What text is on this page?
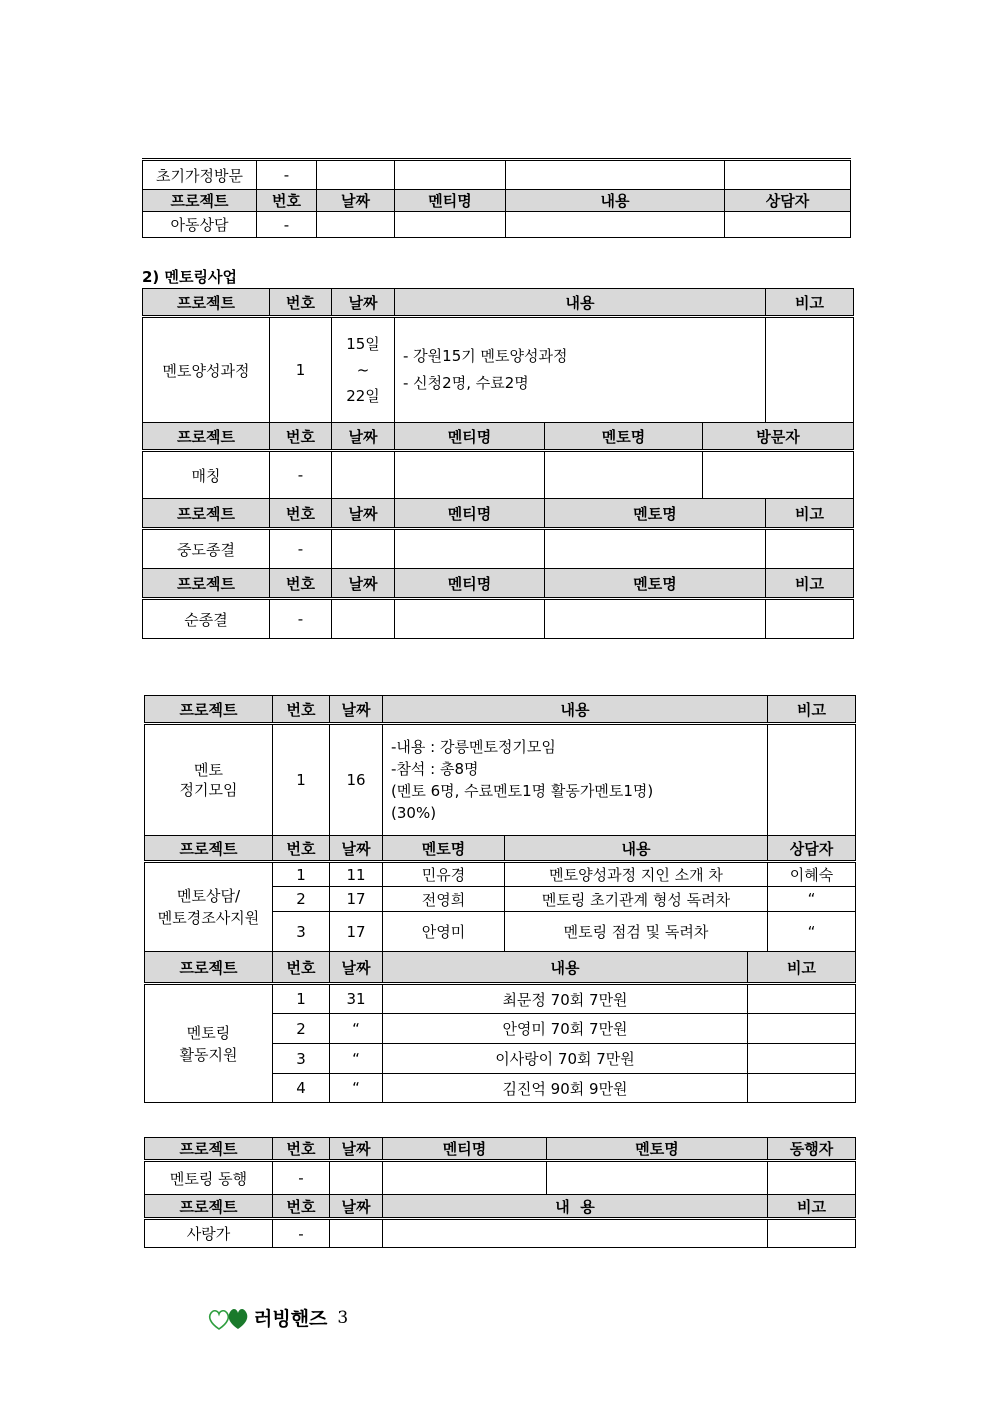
초기가정방문	-				
프로젝트	번호	날짜	멘티명	내용	상담자
아동상담	-				
2) 멘토링사업
프로젝트	번호	날짜	내용			비고
멘토양성과정	1	15일
~
22일	- 강원15기 멘토양성과정
- 신청2명, 수료2명			

프로젝트	번호	날짜	멘티명	멘토명	방문자	
매칭	-					
프로젝트	번호	날짜	멘티명	멘토명		비고
중도종결	-					
프로젝트	번호	날짜	멘티명	멘토명		비고
순종결	-					
프로젝트	번호	날짜	내용			비고

멘토
정기모임	1	16	-내용 : 강릉멘토정기모임
-참석 : 총8명
(멘토 6명, 수료멘토1명 활동가멘토1명)
(30%)			

프로젝트	번호	날짜	멘토명	내용		상담자

멘토상담/
멘토경조사지원	1	11	민유경	멘토양성과정 지인 소개 차		이혜숙
	2	17	전영희	멘토링 초기관계 형성 독려차		“
	3	17	안영미	멘토링 점검 및 독려차		“
프로젝트	번호	날짜	내용		비고	

멘토링
활동지원	1	31	최문정 70회 7만원			
	2	“	안영미 70회 7만원			
	3	“	이사랑이 70회 7만원			
	4	“	김진억 90회 9만원			
프로젝트	번호	날짜	멘티명	멘토명	동행자
멘토링 동행	-				
프로젝트	번호	날짜	내  용		비고
사랑가	-				
러빙핸즈 3
